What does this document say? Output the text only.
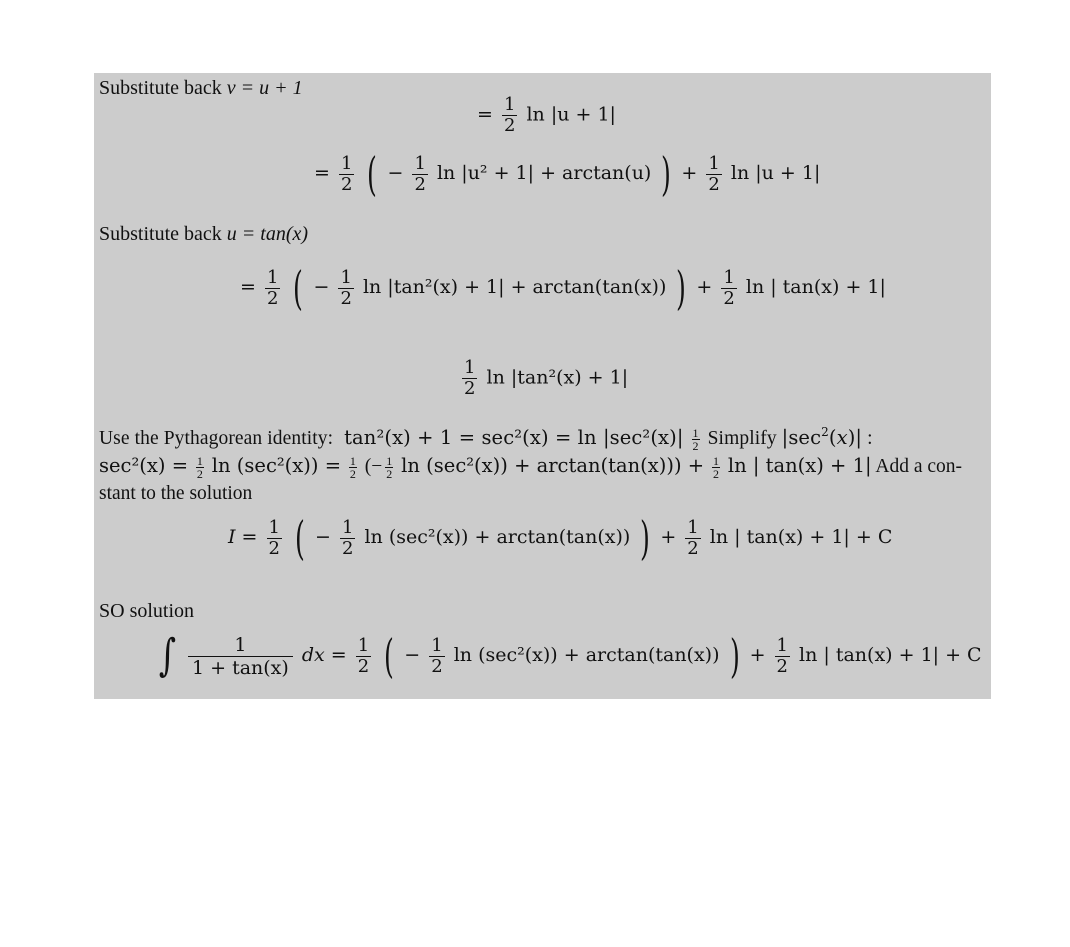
Substitute back v = u + 1
= $\frac{1}{2}$ ln |u + 1|
= $\frac{1}{2}$ ( − $\frac{1}{2}$ ln |u² + 1| + arctan(u) ) + $\frac{1}{2}$ ln |u + 1|
Substitute back u = tan(x)
= $\frac{1}{2}$ ( − $\frac{1}{2}$ ln |tan²(x) + 1| + arctan(tan(x)) ) + $\frac{1}{2}$ ln | tan(x) + 1|
$\frac{1}{2}$ ln |tan²(x) + 1|
Use the Pythagorean identity: $\tan^2(x) + 1 = \sec^2(x) = \ln |\sec^2(x)| \frac{1}{2}$ Simplify $|\sec^2(x)|$ :
$\sec^2(x) = \frac{1}{2}$ $\ln (\sec^2(x)) = \frac{1}{2}$ (− $\frac{1}{2}$ $\ln (\sec^2(x)) + \arctan(\tan(x))) + \frac{1}{2}$ ln | tan(x) + 1| Add a con-
stant to the solution
$I = \frac{1}{2}$ ( − $\frac{1}{2}$ ln (sec²(x)) + arctan(tan(x)) ) + $\frac{1}{2}$ ln | tan(x) + 1| + C
SO solution
∫ $\frac{1}{1 + \tan(x)}$ dx = $\frac{1}{2}$ ( − $\frac{1}{2}$ ln (sec²(x)) + arctan(tan(x)) ) + $\frac{1}{2}$ ln | tan(x) + 1| + C
